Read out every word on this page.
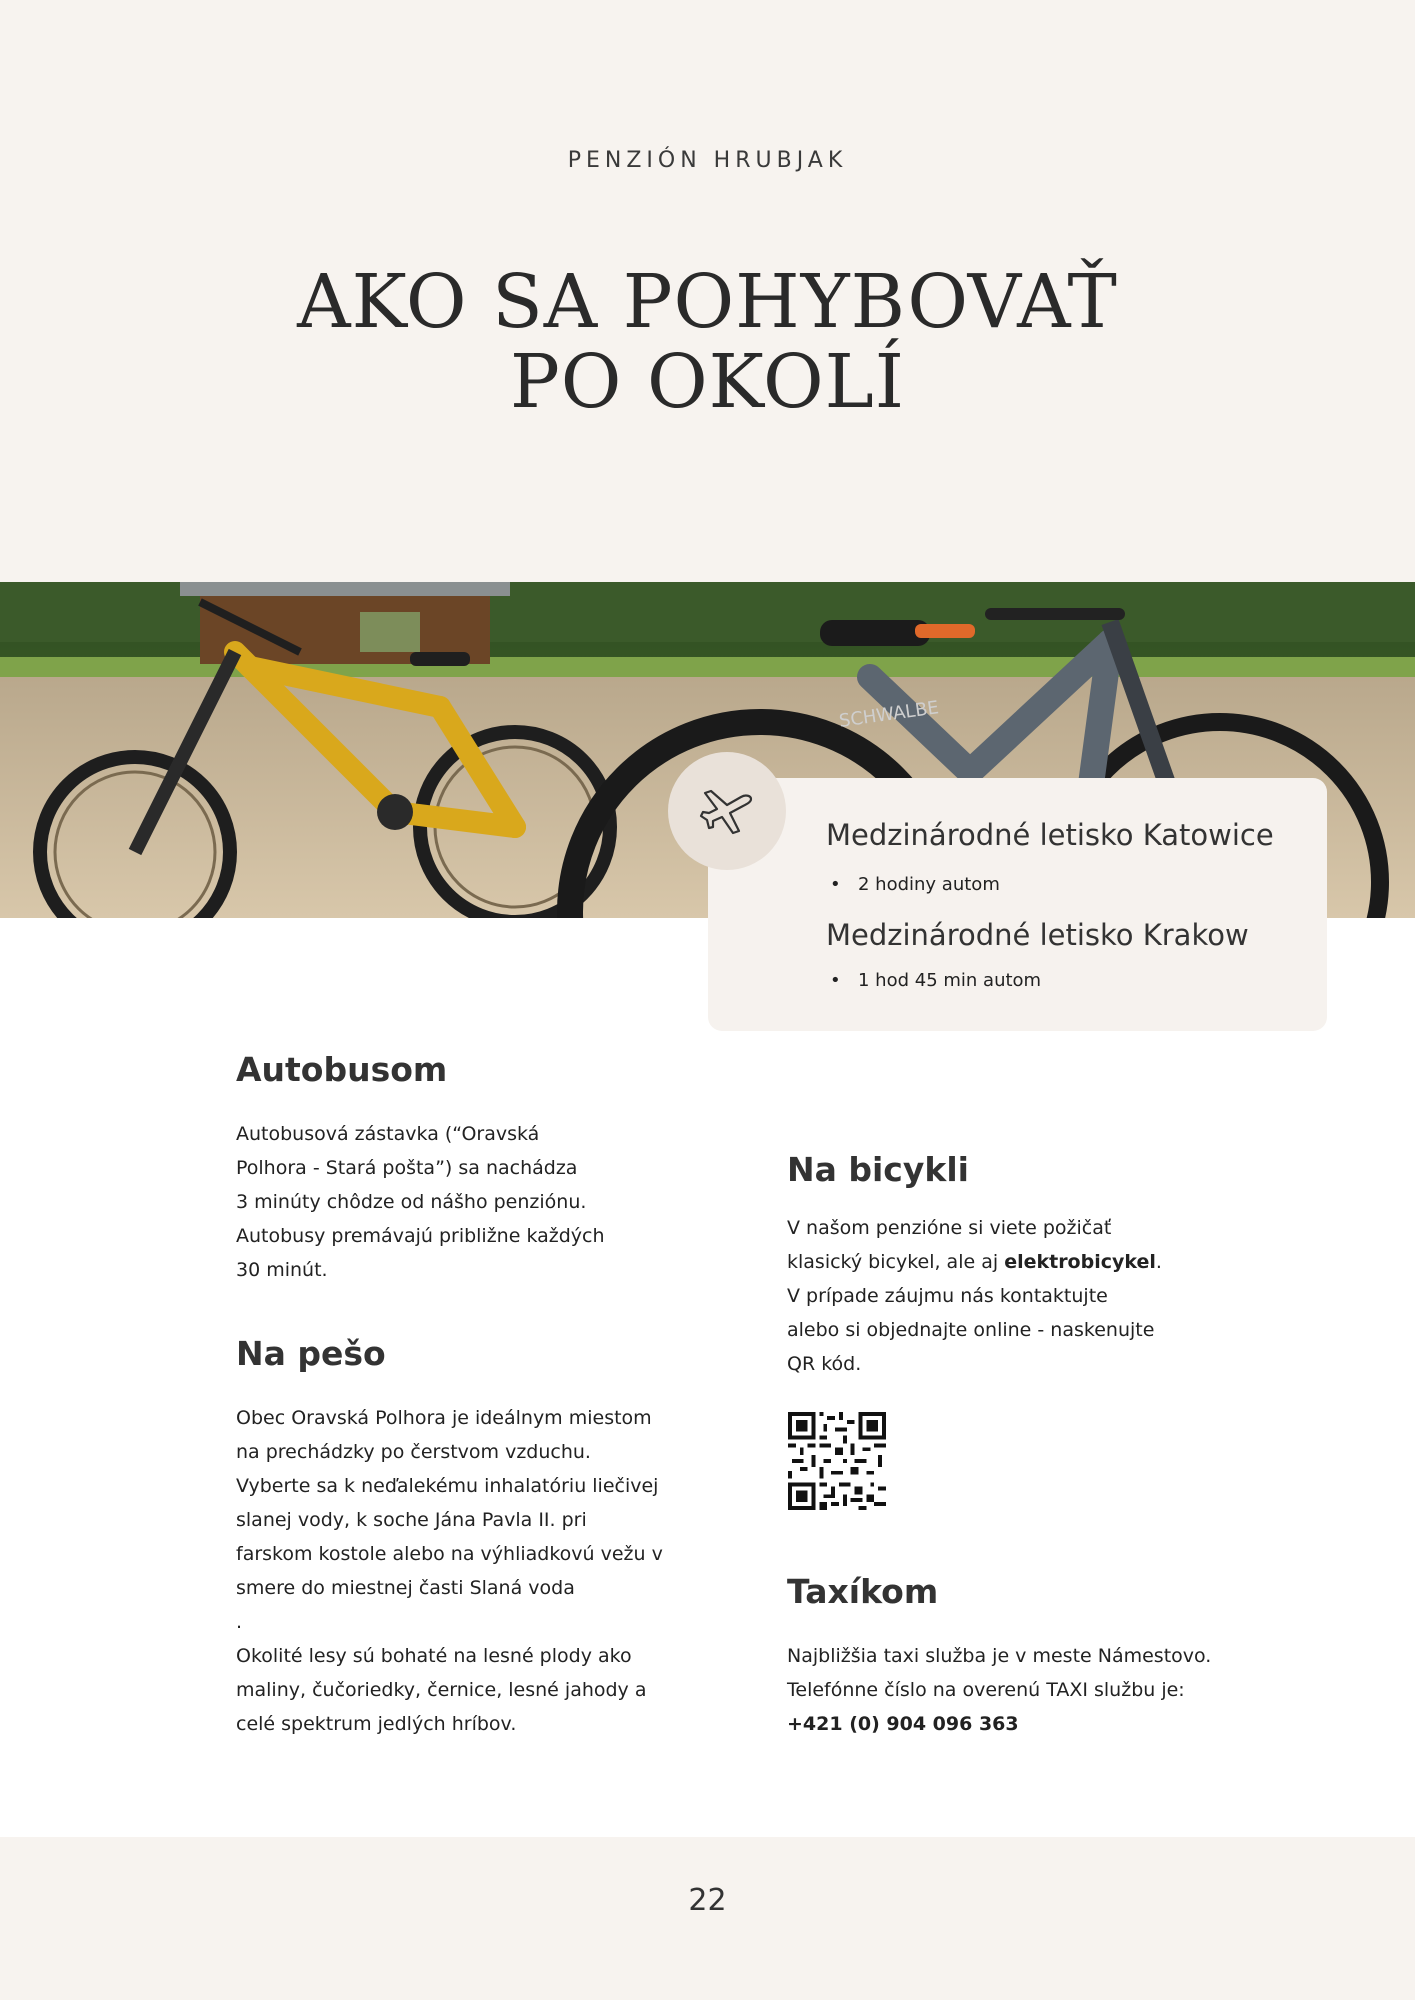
PENZIÓN HRUBJAK
AKO SA POHYBOVAŤ
PO OKOLÍ
SCHWALBE
Medzinárodné letisko Katowice
• 2 hodiny autom
Medzinárodné letisko Krakow
• 1 hod 45 min autom
Autobusom
Autobusová zástavka (“Oravská
Polhora - Stará pošta”) sa nachádza
3 minúty chôdze od nášho penziónu.
Autobusy premávajú približne každých
30 minút.
Na pešo
Obec Oravská Polhora je ideálnym miestom
na prechádzky po čerstvom vzduchu.
Vyberte sa k neďalekému inhalatóriu liečivej
slanej vody, k soche Jána Pavla II. pri
farskom kostole alebo na výhliadkovú vežu v
smere do miestnej časti Slaná voda
.
Okolité lesy sú bohaté na lesné plody ako
maliny, čučoriedky, černice, lesné jahody a
celé spektrum jedlých hríbov.
Na bicykli
V našom penzióne si viete požičať
klasický bicykel, ale aj elektrobicykel.
V prípade záujmu nás kontaktujte
alebo si objednajte online - naskenujte
QR kód.
Taxíkom
Najbližšia taxi služba je v meste Námestovo.
Telefónne číslo na overenú TAXI službu je:
+421 (0) 904 096 363
22
